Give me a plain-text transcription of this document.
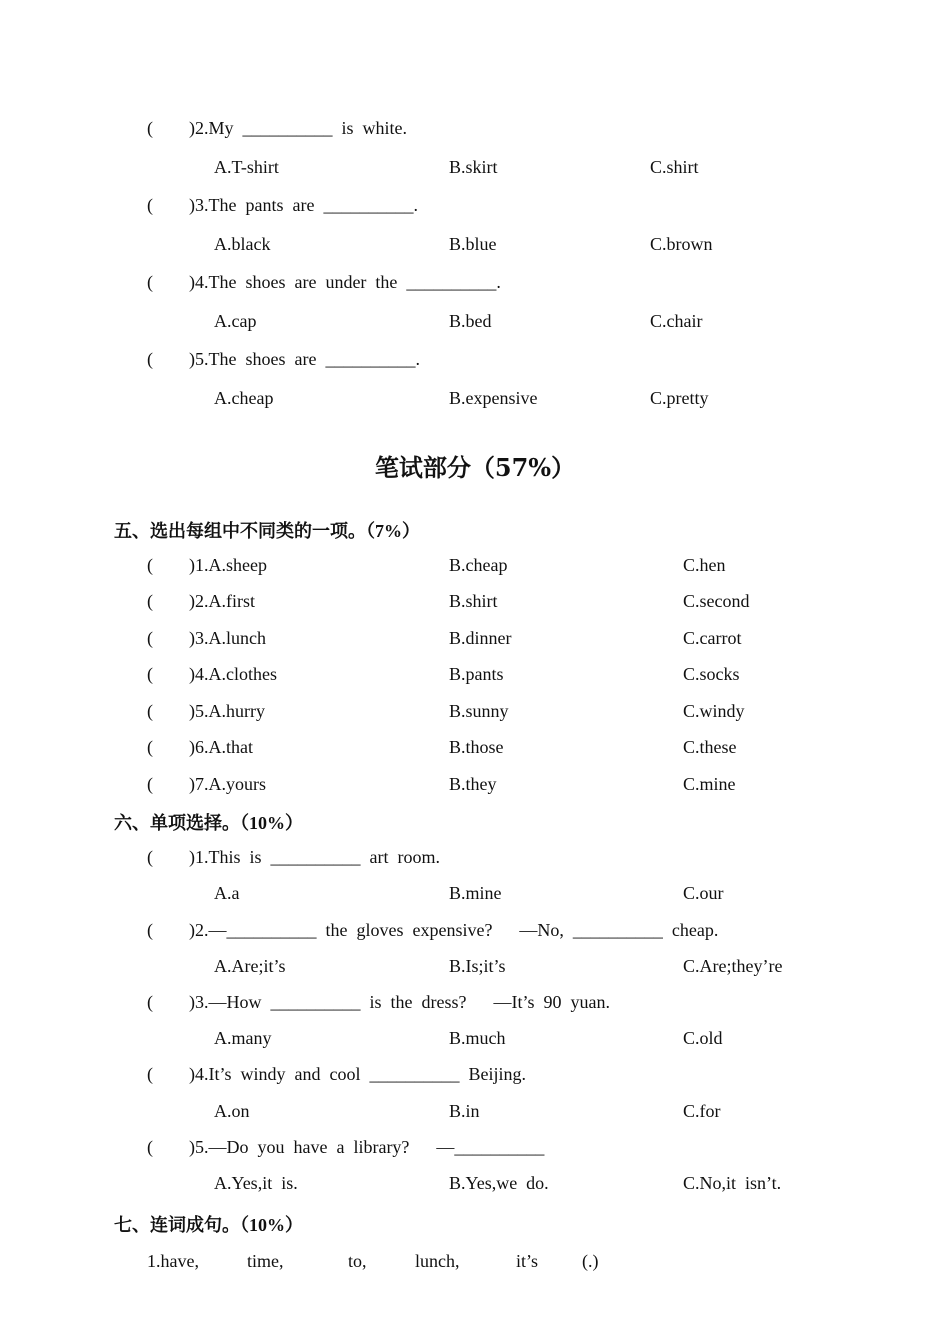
(        )2.My  __________  is  white.
A.T-shirt	B.skirt	C.shirt
(        )3.The  pants  are  __________.
A.black	B.blue	C.brown
(        )4.The  shoes  are  under  the  __________.
A.cap	B.bed	C.chair
(        )5.The  shoes  are  __________.
A.cheap	B.expensive	C.pretty
笔试部分（57%）
五、选出每组中不同类的一项。（7%）
(        )1.A.sheep	B.cheap	C.hen
(        )2.A.first	B.shirt	C.second
(        )3.A.lunch	B.dinner	C.carrot
(        )4.A.clothes	B.pants	C.socks
(        )5.A.hurry	B.sunny	C.windy
(        )6.A.that	B.those	C.these
(        )7.A.yours	B.they	C.mine
六、单项选择。（10%）
(        )1.This  is  __________  art  room.
A.a	B.mine	C.our
(        )2.—__________  the  gloves  expensive?      —No,  __________  cheap.
A.Are;it’s	B.Is;it’s	C.Are;they’re
(        )3.—How  __________  is  the  dress?      —It’s  90  yuan.
A.many	B.much	C.old
(        )4.It’s  windy  and  cool  __________  Beijing.
A.on	B.in	C.for
(        )5.—Do  you  have  a  library?      —__________
A.Yes,it  is.	B.Yes,we  do.	C.No,it  isn’t.
七、连词成句。（10%）
1.have,	time,	to,	lunch,	it’s (.)
